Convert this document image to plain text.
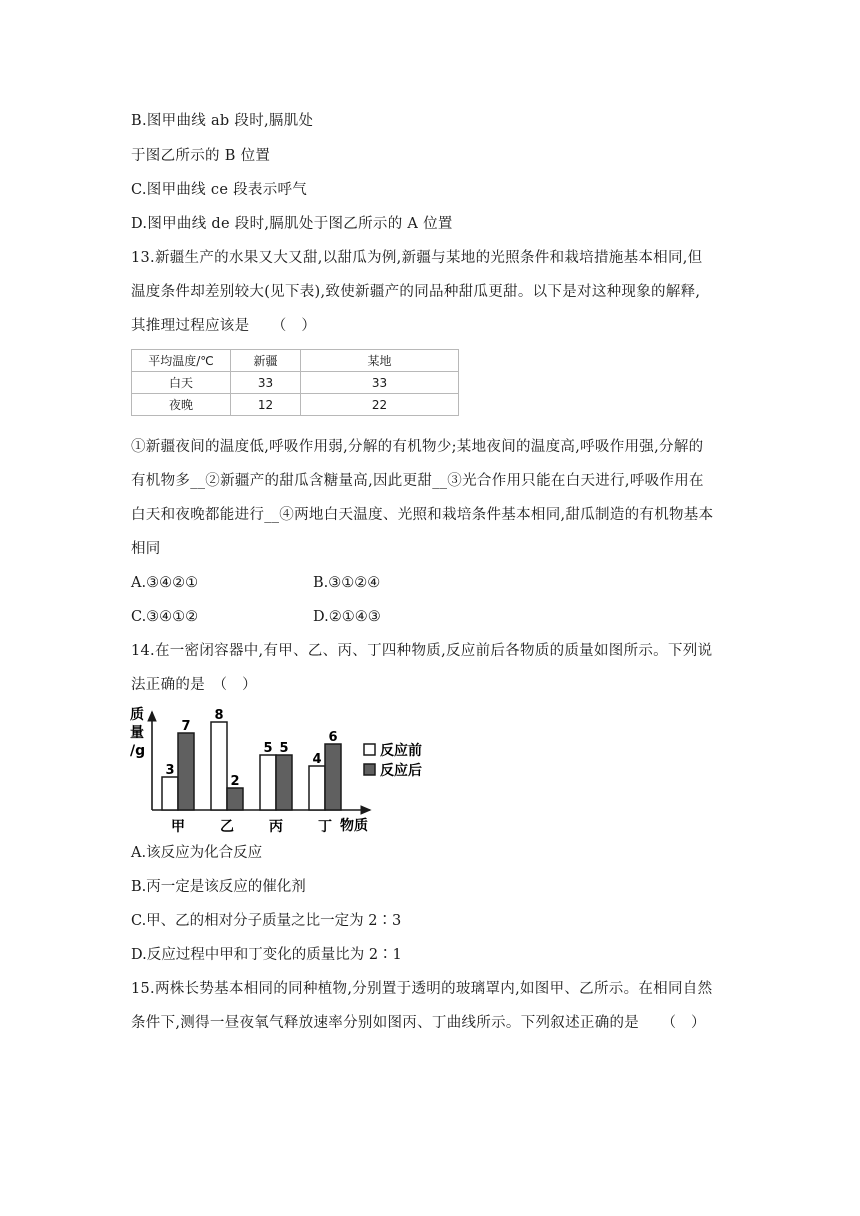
B.图甲曲线 ab 段时,膈肌处
于图乙所示的 B 位置
C.图甲曲线 ce 段表示呼气
D.图甲曲线 de 段时,膈肌处于图乙所示的 A 位置
13.新疆生产的水果又大又甜,以甜瓜为例,新疆与某地的光照条件和栽培措施基本相同,但
温度条件却差别较大(见下表),致使新疆产的同品种甜瓜更甜。以下是对这种现象的解释,
其推理过程应该是　　（　）
平均温度/℃	新疆	某地
白天	33	33
夜晚	12	22
①新疆夜间的温度低,呼吸作用弱,分解的有机物少;某地夜间的温度高,呼吸作用强,分解的
有机物多__②新疆产的甜瓜含糖量高,因此更甜__③光合作用只能在白天进行,呼吸作用在
白天和夜晚都能进行__④两地白天温度、光照和栽培条件基本相同,甜瓜制造的有机物基本
相同
A.③④②①	B.③①②④
C.③④①②	D.②①④③
14.在一密闭容器中,有甲、乙、丙、丁四种物质,反应前后各物质的质量如图所示。下列说
法正确的是　（　）
质
量
/g
物质
3
7
甲
8
2
乙
5 5
丙
4
6
丁
反应前
反应后
A.该反应为化合反应
B.丙一定是该反应的催化剂
C.甲、乙的相对分子质量之比一定为 2∶3
D.反应过程中甲和丁变化的质量比为 2∶1
15.两株长势基本相同的同种植物,分别置于透明的玻璃罩内,如图甲、乙所示。在相同自然
条件下,测得一昼夜氧气释放速率分别如图丙、丁曲线所示。下列叙述正确的是　　（　）
